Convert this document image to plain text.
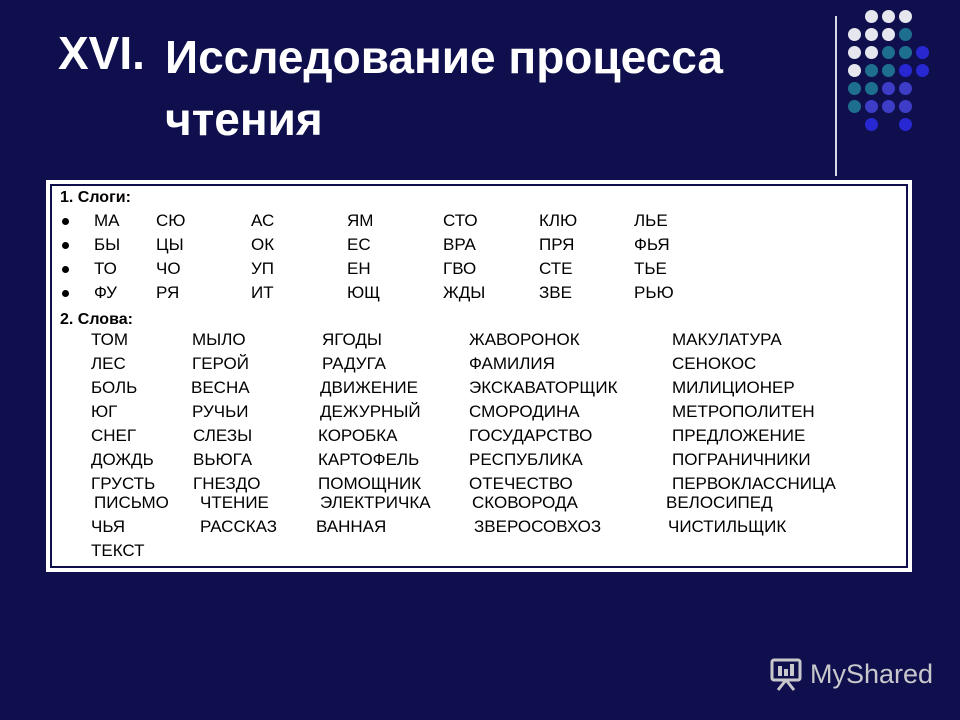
XVI. Исследование процесса чтения
1. Слоги:
2. Слова:
МА СЮ	АС	ЯМ	СТО	КЛЮ	ЛЬЕ
БЫ ЦЫ	ОК	ЕС	ВРА	ПРЯ	ФЬЯ
ТО ЧО	УП	ЕН	ГВО	СТЕ	ТЬЕ
ФУ РЯ	ИТ	ЮЩ	ЖДЫ	ЗВЕ	РЬЮ
ТОМ	МЫЛО	ЯГОДЫ	ЖАВОРОНОК	МАКУЛАТУРА
ЛЕС	ГЕРОЙ	РАДУГА	ФАМИЛИЯ	СЕНОКОС
БОЛЬ	ВЕСНА	ДВИЖЕНИЕ	ЭКСКАВАТОРЩИК	МИЛИЦИОНЕР
ЮГ	РУЧЬИ	ДЕЖУРНЫЙ	СМОРОДИНА	МЕТРОПОЛИТЕН
СНЕГ	СЛЕЗЫ	КОРОБКА	ГОСУДАРСТВО	ПРЕДЛОЖЕНИЕ
ДОЖДЬ ВЬЮГА	КАРТОФЕЛЬ	РЕСПУБЛИКА	ПОГРАНИЧНИКИ
ГРУСТЬ ГНЕЗДО	ПОМОЩНИК	ОТЕЧЕСТВО	ПЕРВОКЛАССНИЦА
ПИСЬМО ЧТЕНИЕ	ЭЛЕКТРИЧКА СКОВОРОДА	ВЕЛОСИПЕД
ЧЬЯ	РАССКАЗ ВАННАЯ	ЗВЕРОСОВХОЗ	ЧИСТИЛЬЩИК
ТЕКСТ
MyShared
